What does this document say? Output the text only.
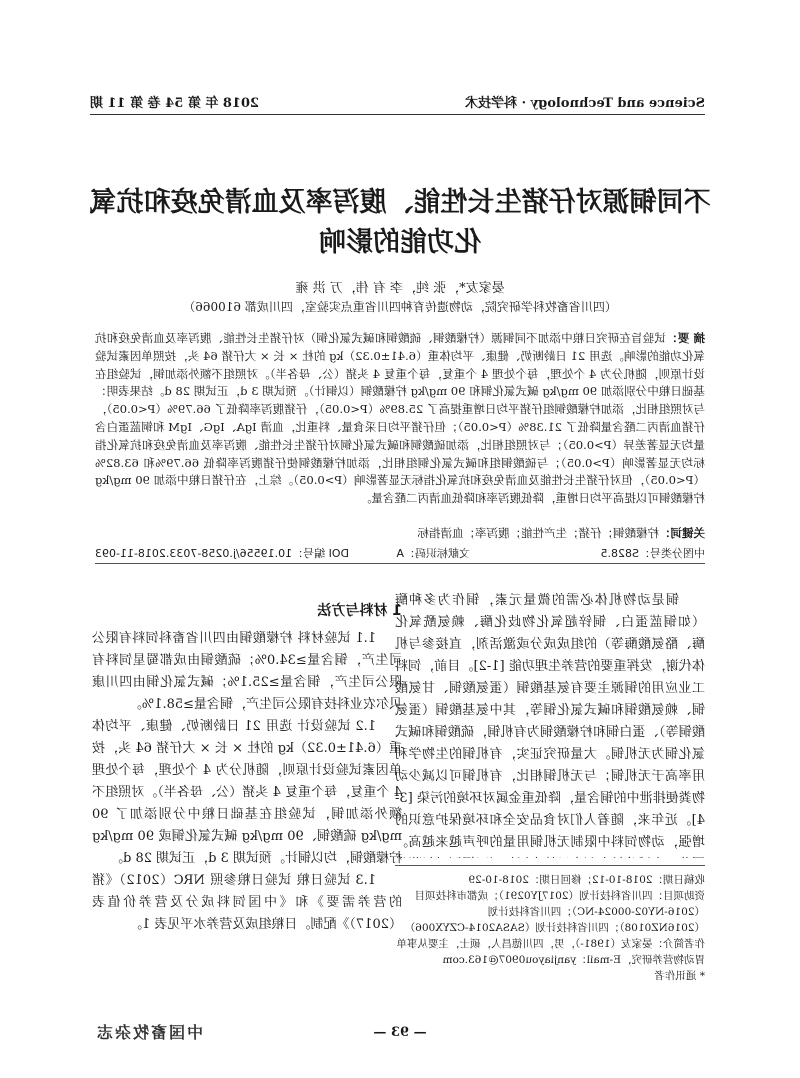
Science and Technology · 科学技术
2018 年 第 54 卷 第 11 期
不同铜源对仔猪生长性能、腹泻率及血清免疫和抗氧化功能的影响
晏家友*，张 纯，李 有 伟，万 洪 雍
（四川省畜牧科学研究院，动物遗传育种四川省重点实验室，四川成都 610066）
摘 要：试验旨在研究日粮中添加不同铜源（柠檬酸铜、硫酸铜和碱式氯化铜）对仔猪生长性能、腹泻率及血清免疫和抗氧化功能的影响。选用 21 日龄断奶、健康、平均体重（6.41±0.32）kg 的杜 × 长 × 大仔猪 64 头，按照单因素试验设计原则，随机分为 4 个处理，每个处理 4 个重复，每个重复 4 头猪（公、母各半）。对照组不额外添加铜，试验组在基础日粮中分别添加 90 mg/kg 碱式氯化铜和 90 mg/kg 柠檬酸铜（以铜计）。预试期 3 d，正试期 28 d。结果表明：与对照组相比，添加柠檬酸铜组仔猪平均日增重提高了 25.89%（P<0.05），仔猪腹泻率降低了 66.79%（P<0.05），仔猪血清丙二醛含量降低了 21.38%（P<0.05）；但仔猪平均日采食量、料重比，血清 IgA、IgG、IgM 和铜蓝蛋白含量均无显著差异（P>0.05）；与对照组相比，添加硫酸铜和碱式氯化铜对仔猪生长性能、腹泻率及血清免疫和抗氧化指标均无显著影响（P>0.05）；与硫酸铜组和碱式氯化铜组相比，添加柠檬酸铜使仔猪腹泻率降低 66.79%和 63.82%（P<0.05），但对仔猪生长性能及血清免疫和抗氧化指标无显著影响（P>0.05）。综上，在仔猪日粮中添加 90 mg/kg 柠檬酸铜可以提高平均日增重，降低腹泻率和降低血清丙二醛含量。
关键词：柠檬酸铜；仔猪；生产性能；腹泻率；血清指标
中图分类号：S828.5
文献标识码：A
DOI 编号：10.19556/j.0258-7033.2018-11-093

铜是动物机体必需的微量元素，铜作为多种酶（如铜蓝蛋白、铜锌超氧化物歧化酶、赖氨酰氧化酶、酪氨酸酶等）的组成成分或激活剂，直接参与机体代谢，发挥重要的营养生理功能 [1-2]。目前，饲料工业应用的铜源主要有氨基酸铜（蛋氨酸铜、甘氨酸铜、赖氨酸铜和碱式氯化铜等，其中氨基酸铜（蛋氨酸铜等）、蛋白铜和柠檬酸铜为有机铜，硫酸铜和碱式氯化铜为无机铜。大量研究证实，有机铜的生物学利用率高于无机铜；与无机铜相比，有机铜可以减少动物粪便排泄中的铜含量，降低重金属对环境的污染 [3-4]。近年来，随着人们对食品安全和环境保护意识的增强，动物饲料中限制无机铜用量的呼声越来越高。

1 材料与方法

1.1 试验材料 柠檬酸铜由四川省畜科饲料有限公司生产，铜含量≥34.0%；硫酸铜由成都蜀星饲料有限公司生产，铜含量≥25.1%；碱式氯化铜由四川康贝尔农业科技有限公司生产，铜含量≥58.1%。

1.2 试验设计 选用 21 日龄断奶、健康、平均体重（6.41±0.32）kg 的杜 × 长 × 大仔猪 64 头，按单因素试验设计原则，随机分为 4 个处理，每个处理 4 个重复，每个重复 4 头猪（公、母各半）。对照组不额外添加铜，试验组在基础日粮中分别添加了 90 mg/kg 硫酸铜、90 mg/kg 碱式氯化铜或 90 mg/kg 柠檬酸铜，均以铜计。预试期 3 d，正试期 28 d。

1.3 试验日粮 试验日粮参照 NRC（2012）《猪的营养需要》和《中国饲料成分及营养价值表（2017）》配制。日粮组成及营养水平见表 1。

收稿日期：2018-10-12；修回日期：2018-10-29

资助项目：四川省科技计划（2017JY0291）；成都市科技项目（2016-NY02-00024-NC）；四川省科技计划（2016NZ0108）；四川省科技计划（SASA2014-CZYX006）

作者简介：晏家友（1981-），男，四川德昌人，硕士，主要从事单胃动物营养研究，E-mail：yanjiayou0907@163.com

* 通讯作者

— 93 —
中国畜牧杂志
